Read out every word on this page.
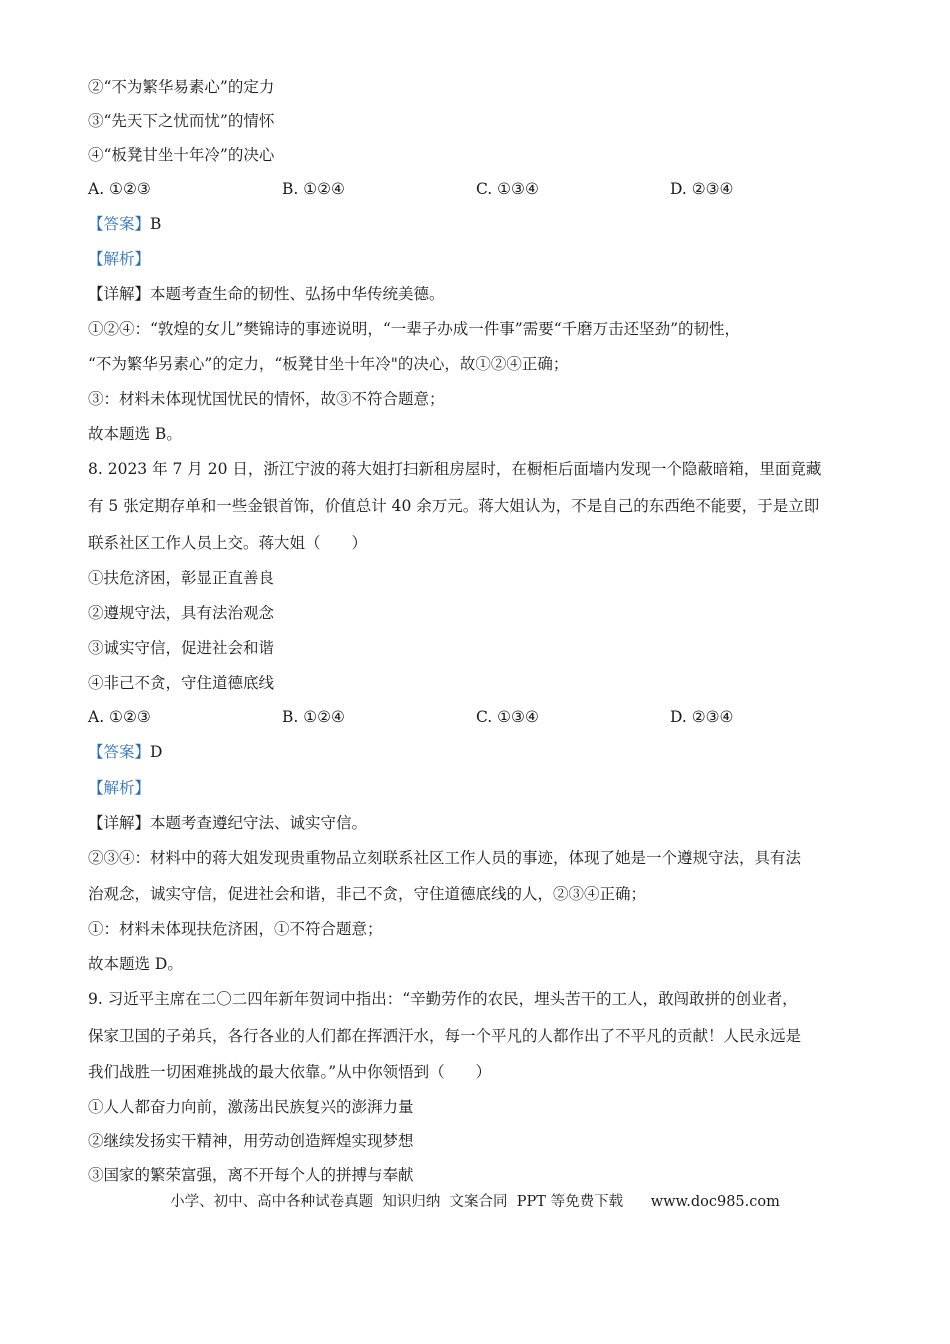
②“不为繁华易素心”的定力
③“先天下之忧而忧”的情怀
④“板凳甘坐十年冷”的决心
A. ①②③	B. ①②④	C. ①③④	D. ②③④
【答案】B
【解析】
【详解】本题考查生命的韧性、弘扬中华传统美德。
①②④：“敦煌的女儿”樊锦诗的事迹说明，“一辈子办成一件事”需要“千磨万击还坚劲”的韧性，
“不为繁华另素心”的定力，“板凳甘坐十年冷"的决心，故①②④正确；
③：材料未体现忧国忧民的情怀，故③不符合题意；
故本题选 B。
8. 2023 年 7 月 20 日，浙江宁波的蒋大姐打扫新租房屋时，在橱柜后面墙内发现一个隐蔽暗箱，里面竟藏
有 5 张定期存单和一些金银首饰，价值总计 40 余万元。蒋大姐认为，不是自己的东西绝不能要，于是立即
联系社区工作人员上交。蒋大姐（　　）
①扶危济困，彰显正直善良
②遵规守法，具有法治观念
③诚实守信，促进社会和谐
④非己不贪，守住道德底线
A. ①②③	B. ①②④	C. ①③④	D. ②③④
【答案】D
【解析】
【详解】本题考查遵纪守法、诚实守信。
②③④：材料中的蒋大姐发现贵重物品立刻联系社区工作人员的事迹，体现了她是一个遵规守法，具有法
治观念，诚实守信，促进社会和谐，非己不贪，守住道德底线的人，②③④正确；
①：材料未体现扶危济困，①不符合题意；
故本题选 D。
9. 习近平主席在二〇二四年新年贺词中指出：“辛勤劳作的农民，埋头苦干的工人，敢闯敢拼的创业者，
保家卫国的子弟兵，各行各业的人们都在挥洒汗水，每一个平凡的人都作出了不平凡的贡献！人民永远是
我们战胜一切困难挑战的最大依靠。”从中你领悟到（　　）
①人人都奋力向前，激荡出民族复兴的澎湃力量
②继续发扬实干精神，用劳动创造辉煌实现梦想
③国家的繁荣富强，离不开每个人的拼搏与奉献
小学、初中、高中各种试卷真题  知识归纳  文案合同  PPT 等免费下载      www.doc985.com
